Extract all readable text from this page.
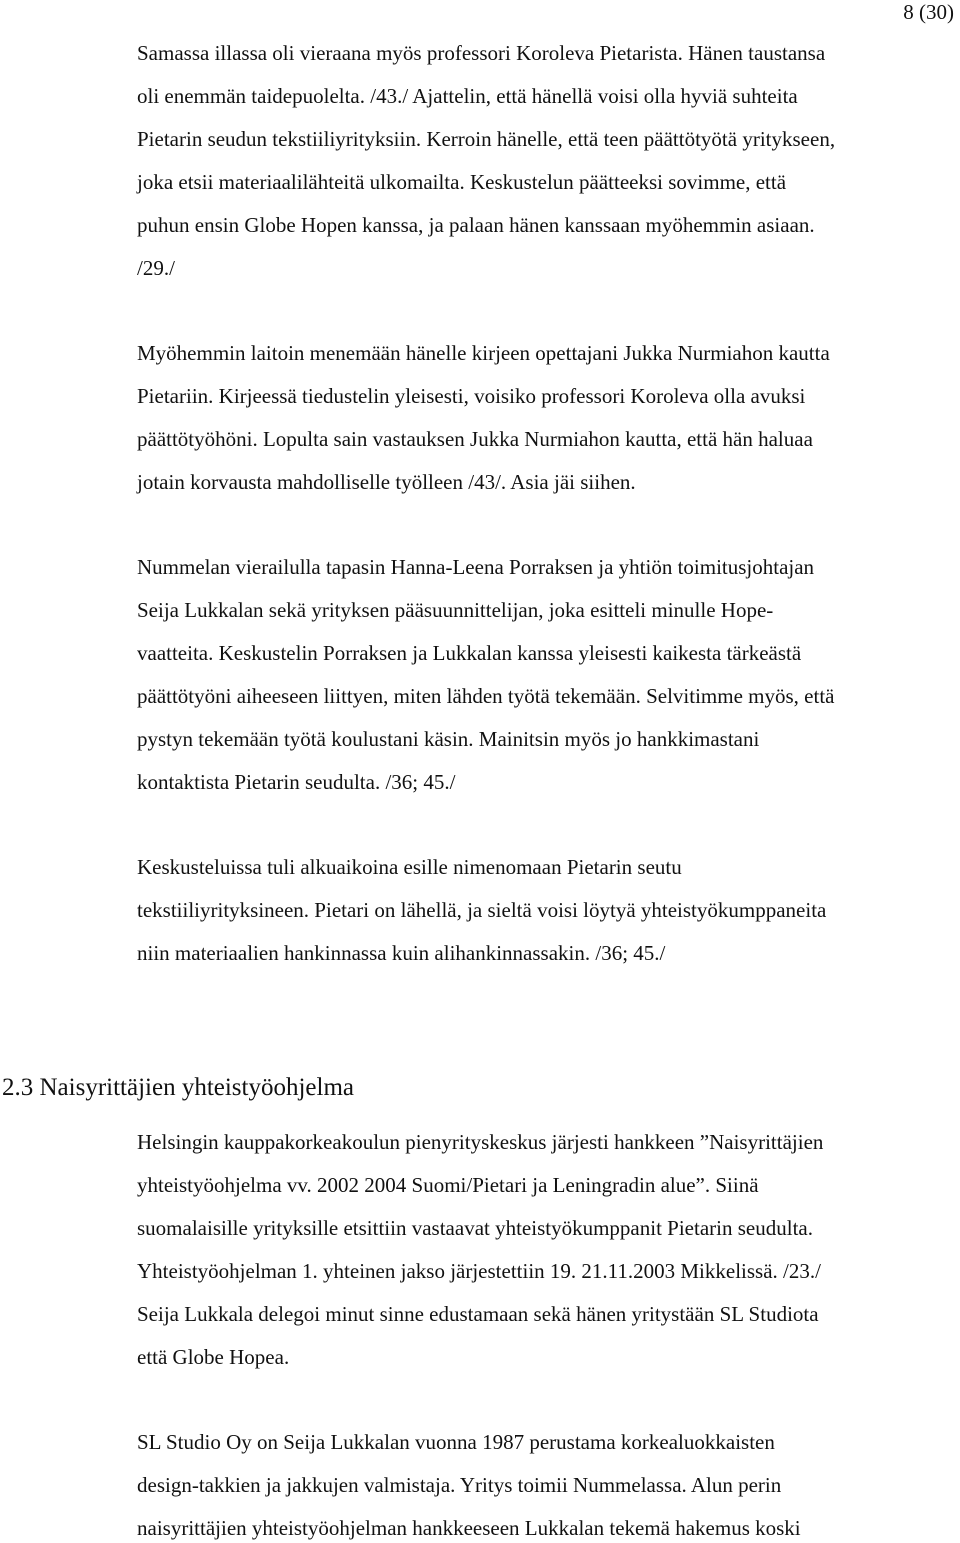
8 (30)
Samassa illassa oli vieraana myös professori Koroleva Pietarista. Hänen taustansa
oli enemmän taidepuolelta. /43./ Ajattelin, että hänellä voisi olla hyviä suhteita
Pietarin seudun tekstiiliyrityksiin. Kerroin hänelle, että teen päättötyötä yritykseen,
joka etsii materiaalilähteitä ulkomailta. Keskustelun päätteeksi sovimme, että
puhun ensin Globe Hopen kanssa, ja palaan hänen kanssaan myöhemmin asiaan.
/29./
Myöhemmin laitoin menemään hänelle kirjeen opettajani Jukka Nurmiahon kautta
Pietariin. Kirjeessä tiedustelin yleisesti, voisiko professori Koroleva olla avuksi
päättötyöhöni. Lopulta sain vastauksen Jukka Nurmiahon kautta, että hän haluaa
jotain korvausta mahdolliselle työlleen /43/. Asia jäi siihen.
Nummelan vierailulla tapasin Hanna-Leena Porraksen ja yhtiön toimitusjohtajan
Seija Lukkalan sekä yrityksen pääsuunnittelijan, joka esitteli minulle Hope-
vaatteita. Keskustelin Porraksen ja Lukkalan kanssa yleisesti kaikesta tärkeästä
päättötyöni aiheeseen liittyen, miten lähden työtä tekemään. Selvitimme myös, että
pystyn tekemään työtä koulustani käsin. Mainitsin myös jo hankkimastani
kontaktista Pietarin seudulta. /36; 45./
Keskusteluissa tuli alkuaikoina esille nimenomaan Pietarin seutu
tekstiiliyrityksineen. Pietari on lähellä, ja sieltä voisi löytyä yhteistyökumppaneita
niin materiaalien hankinnassa kuin alihankinnassakin. /36; 45./
2.3 Naisyrittäjien yhteistyöohjelma
Helsingin kauppakorkeakoulun pienyrityskeskus järjesti hankkeen ”Naisyrittäjien
yhteistyöohjelma vv. 2002 2004 Suomi/Pietari ja Leningradin alue”. Siinä
suomalaisille yrityksille etsittiin vastaavat yhteistyökumppanit Pietarin seudulta.
Yhteistyöohjelman 1. yhteinen jakso järjestettiin 19. 21.11.2003 Mikkelissä. /23./
Seija Lukkala delegoi minut sinne edustamaan sekä hänen yritystään SL Studiota
että Globe Hopea.
SL Studio Oy on Seija Lukkalan vuonna 1987 perustama korkealuokkaisten
design-takkien ja jakkujen valmistaja. Yritys toimii Nummelassa. Alun perin
naisyrittäjien yhteistyöohjelman hankkeeseen Lukkalan tekemä hakemus koski
